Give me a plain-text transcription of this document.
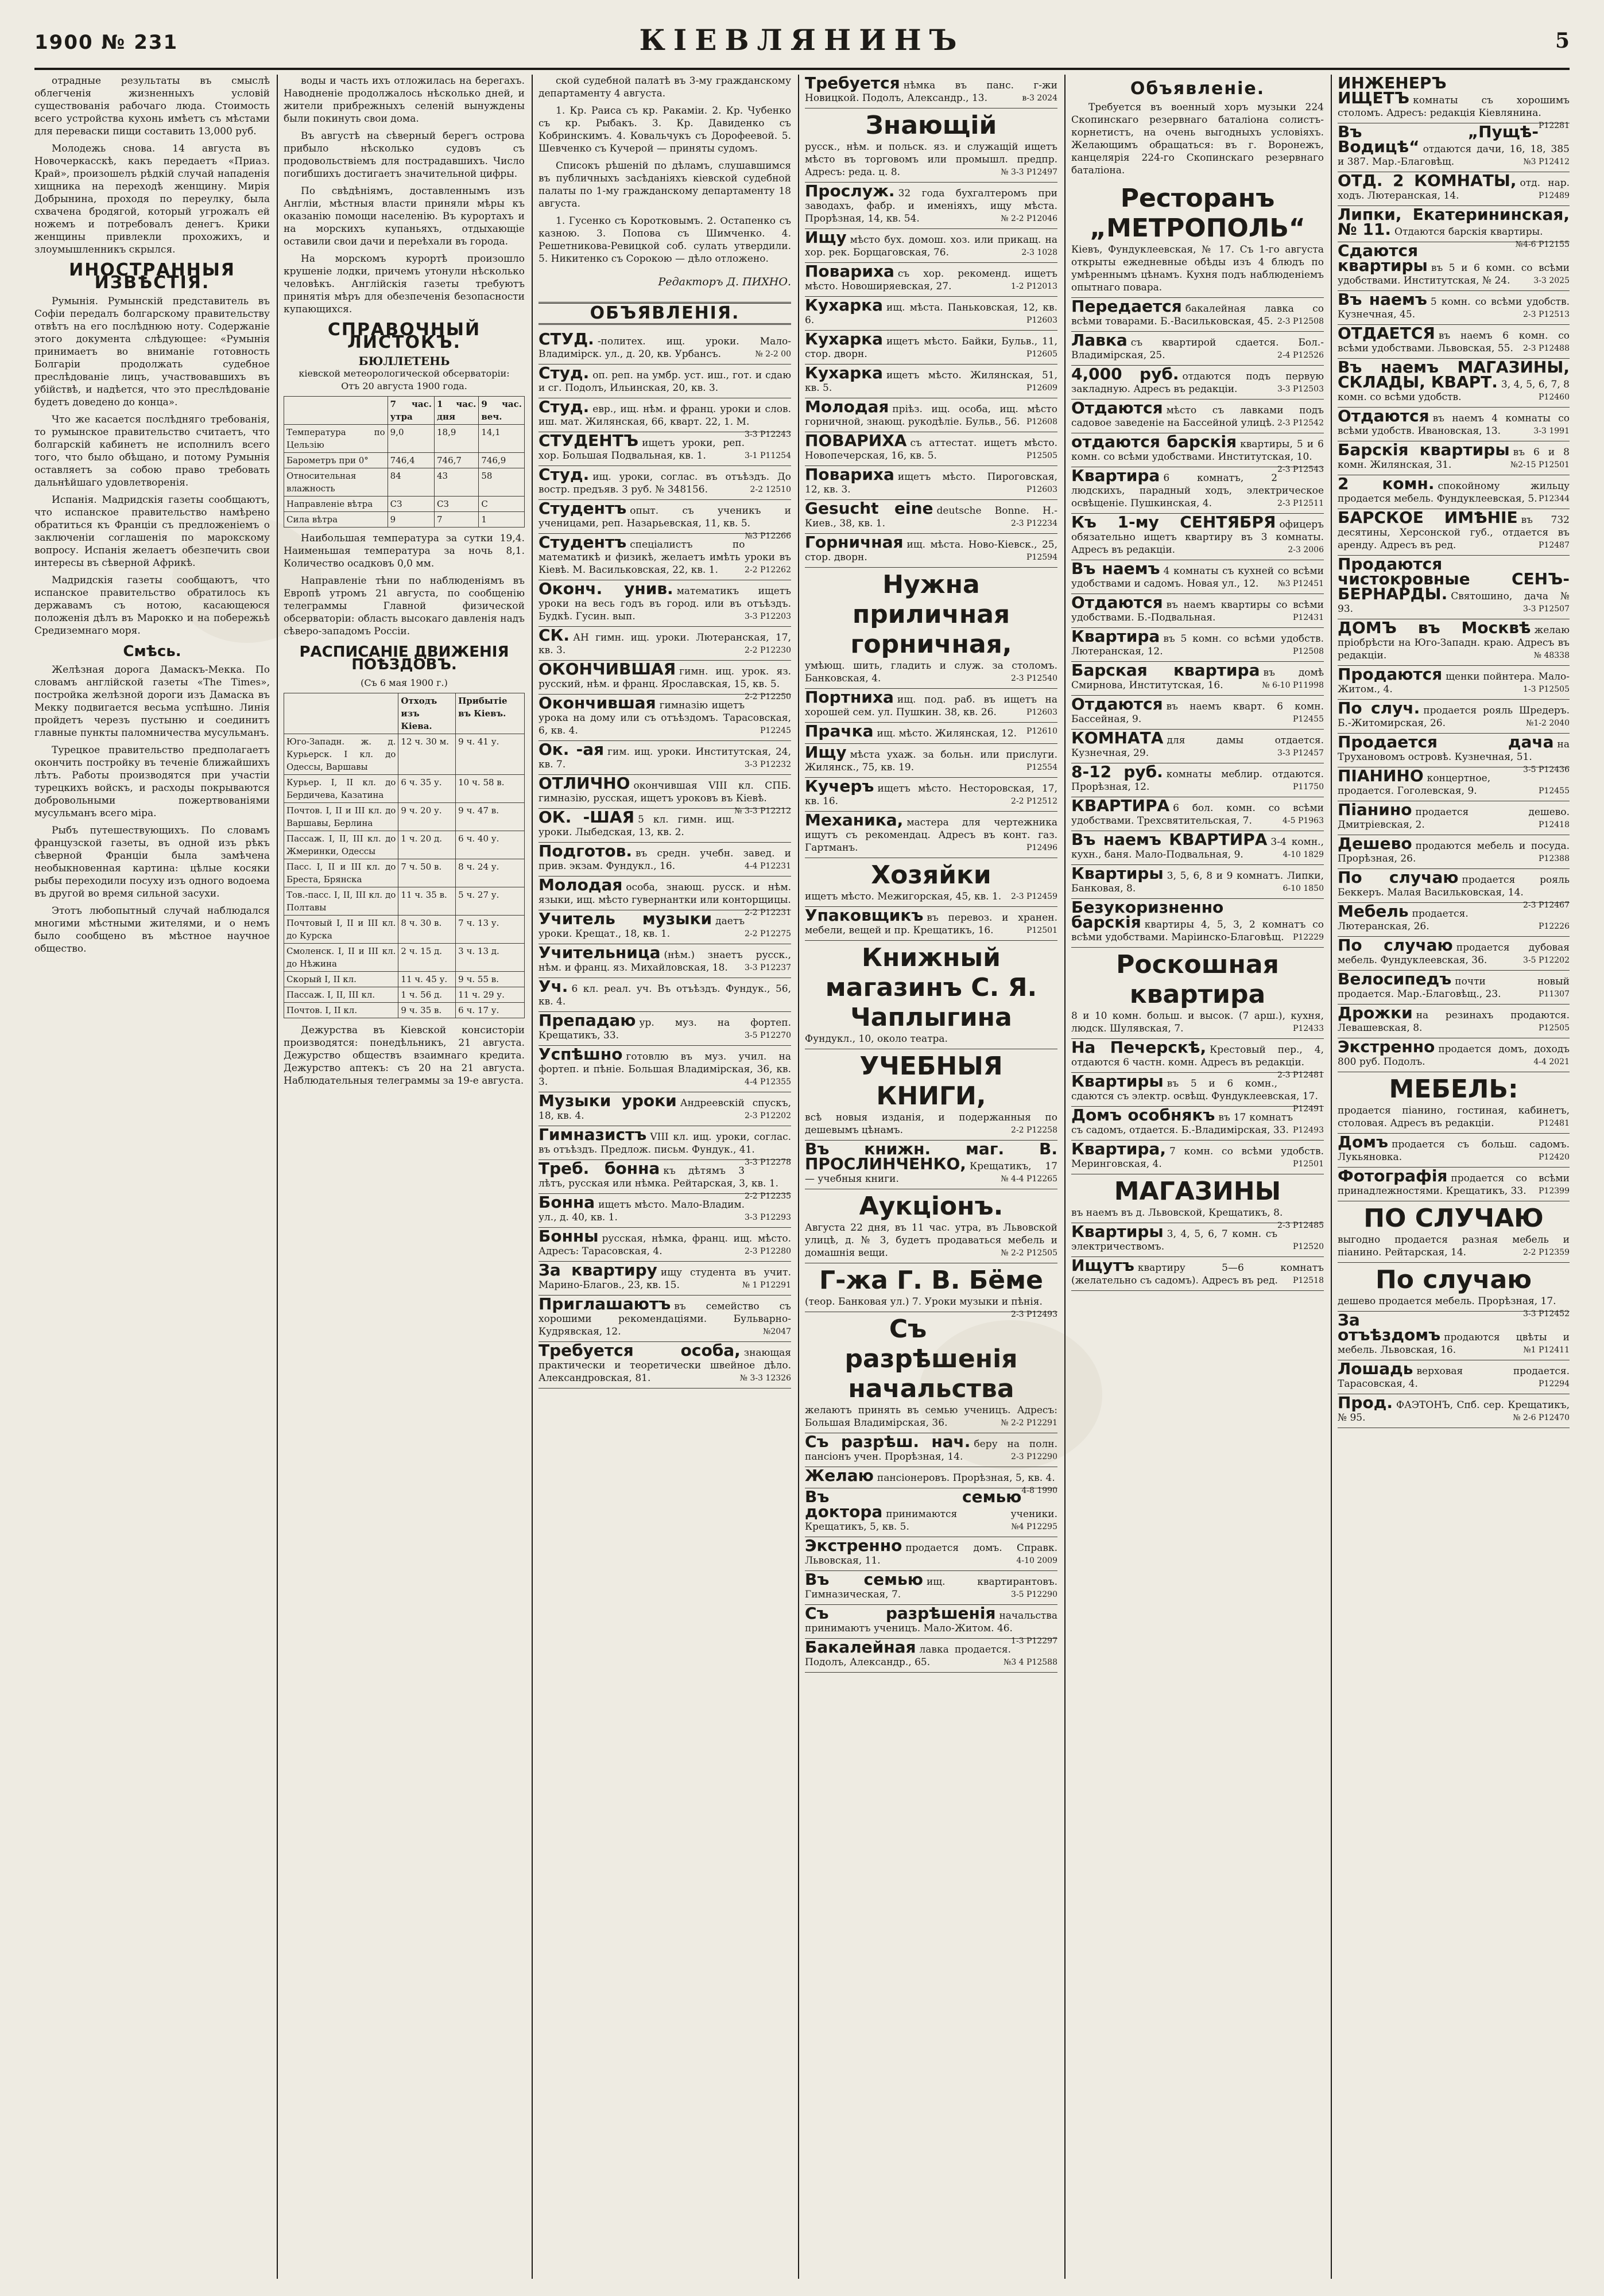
1900 № 231	КІЕВЛЯНИНЪ	5

отрадные результаты въ смыслѣ облегченія жизненныхъ условій существованія рабочаго люда. Стоимость всего устройства кухонь имѣетъ съ мѣстами для переваски пищи составить 13,000 руб.

Молодежь снова. 14 августа въ Новочеркасскѣ, какъ передаетъ «Приаз. Край», произошелъ рѣдкій случай нападенія хищника на переходѣ женщину. Мирія Добрынина, проходя по переулку, была схвачена бродягой, который угрожалъ ей ножемъ и потребовалъ денегъ. Крики женщины привлекли прохожихъ, и злоумышленникъ скрылся.

ИНОСТРАННЫЯ ИЗВѢСТІЯ.

Румынія. Румынскій представитель въ Софіи передалъ болгарскому правительству отвѣтъ на его послѣднюю ноту. Содержаніе этого документа слѣдующее: «Румынія принимаетъ во вниманіе готовность Болгаріи продолжать судебное преслѣдованіе лицъ, участвовавшихъ въ убійствѣ, и надѣется, что это преслѣдованіе будетъ доведено до конца».

Что же касается послѣдняго требованія, то румынское правительство считаетъ, что болгарскій кабинетъ не исполнилъ всего того, что было обѣщано, и потому Румынія оставляетъ за собою право требовать дальнѣйшаго удовлетворенія.

Испанія. Мадридскія газеты сообщаютъ, что испанское правительство намѣрено обратиться къ Франціи съ предложеніемъ о заключеніи соглашенія по марокскому вопросу. Испанія желаетъ обезпечить свои интересы въ сѣверной Африкѣ.

Мадридскія газеты сообщаютъ, что испанское правительство обратилось къ державамъ съ нотою, касающеюся положенія дѣлъ въ Марокко и на побережьѣ Средиземнаго моря.

Смѣсь.

Желѣзная дорога Дамаскъ-Мекка. По словамъ англійской газеты «The Times», постройка желѣзной дороги изъ Дамаска въ Мекку подвигается весьма успѣшно. Линія пройдетъ черезъ пустыню и соединитъ главные пункты паломничества мусульманъ.

Турецкое правительство предполагаетъ окончить постройку въ теченіе ближайшихъ лѣтъ. Работы производятся при участіи турецкихъ войскъ, и расходы покрываются добровольными пожертвованіями мусульманъ всего міра.

Рыбъ путешествующихъ. По словамъ французской газеты, въ одной изъ рѣкъ сѣверной Франціи была замѣчена необыкновенная картина: цѣлые косяки рыбы переходили посуху изъ одного водоема въ другой во время сильной засухи.

Этотъ любопытный случай наблюдался многими мѣстными жителями, и о немъ было сообщено въ мѣстное научное общество.

воды и часть ихъ отложилась на берегахъ. Наводненіе продолжалось нѣсколько дней, и жители прибрежныхъ селеній вынуждены были покинуть свои дома.

Въ августѣ на сѣверный берегъ острова прибыло нѣсколько судовъ съ продовольствіемъ для пострадавшихъ. Число погибшихъ достигаетъ значительной цифры.

По свѣдѣніямъ, доставленнымъ изъ Англіи, мѣстныя власти приняли мѣры къ оказанію помощи населенію. Въ курортахъ и на морскихъ купаньяхъ, отдыхающіе оставили свои дачи и переѣхали въ города.

На морскомъ курортѣ произошло крушеніе лодки, причемъ утонули нѣсколько человѣкъ. Англійскія газеты требуютъ принятія мѣръ для обезпеченія безопасности купающихся.

СПРАВОЧНЫЙ ЛИСТОКЪ.
БЮЛЛЕТЕНЬ
кіевской метеорологической обсерваторіи:
Отъ 20 августа 1900 года.
	7 час. утра	1 час. дня	9 час. веч.
Температура по Цельзію	9,0	18,9	14,1
Барометръ при 0°	746,4	746,7	746,9
Относительная влажность	84	43	58
Направленіе вѣтра	СЗ	СЗ	С
Сила вѣтра	9	7	1

Наибольшая температура за сутки 19,4. Наименьшая температура за ночь 8,1. Количество осадковъ 0,0 мм.

Направленіе тѣни по наблюденіямъ въ Европѣ утромъ 21 августа, по сообщенію телеграммы Главной физической обсерваторіи: область высокаго давленія надъ сѣверо-западомъ Россіи.

РАСПИСАНІЕ ДВИЖЕНІЯ ПОѢЗДОВЪ.
(Съ 6 мая 1900 г.)
	Отходъ изъ Кіева.	Прибытіе въ Кіевъ.
Юго-Западн. ж. д. Курьерск. I кл. до Одессы, Варшавы	12 ч. 30 м.	9 ч. 41 у.
Курьер. I, II кл. до Бердичева, Казатина	6 ч. 35 у.	10 ч. 58 в.
Почтов. I, II и III кл. до Варшавы, Берлина	9 ч. 20 у.	9 ч. 47 в.
Пассаж. I, II, III кл. до Жмеринки, Одессы	1 ч. 20 д.	6 ч. 40 у.
Пасс. I, II и III кл. до Бреста, Брянска	7 ч. 50 в.	8 ч. 24 у.
Тов.-пасс. I, II, III кл. до Полтавы	11 ч. 35 в.	5 ч. 27 у.
Почтовый I, II и III кл. до Курска	8 ч. 30 в.	7 ч. 13 у.
Смоленск. I, II и III кл. до Нѣжина	2 ч. 15 д.	3 ч. 13 д.
Скорый I, II кл.	11 ч. 45 у.	9 ч. 55 в.
Пассаж. I, II, III кл.	1 ч. 56 д.	11 ч. 29 у.
Почтов. I, II кл.	9 ч. 35 в.	6 ч. 17 у.

Дежурства въ Кіевской консисторіи производятся: понедѣльникъ, 21 августа. Дежурство обществъ взаимнаго кредита. Дежурство аптекъ: съ 20 на 21 августа. Наблюдательныя телеграммы за 19-е августа.

ской судебной палатѣ въ 3-му гражданскому департаменту 4 августа.

1. Кр. Раиса съ кр. Ракаміи. 2. Кр. Чубенко съ кр. Рыбакъ. 3. Кр. Давиденко съ Кобринскимъ. 4. Ковальчукъ съ Дорофеевой. 5. Шевченко съ Кучерой — приняты судомъ.

Списокъ рѣшеній по дѣламъ, слушавшимся въ публичныхъ засѣданіяхъ кіевской судебной палаты по 1-му гражданскому департаменту 18 августа.

1. Гусенко съ Коротковымъ. 2. Остапенко съ казною. 3. Попова съ Шимченко. 4. Решетникова-Ревицкой соб. сулать утвердили. 5. Никитенко съ Сорокою — дѣло отложено.

Редакторъ Д. ПИХНО.
ОБЪЯВЛЕНІЯ.
СТУД. -политех. ищ. уроки. Мало-Владимірск. ул., д. 20, кв. Урбансъ.	№ 2-2 00
Студ. оп. реп. на умбр. уст. иш., гот. и сдаю и сг. Подолъ, Ильинская, 20, кв. 3.
Студ. евр., ищ. нѣм. и франц. уроки и слов. иш. мат. Жилянская, 66, кварт. 22, 1. М.
3-3 Р12243
СТУДЕНТЪ ищетъ уроки, реп. хор. Большая Подвальная, кв. 1.	3-1 Р11254
Студ. ищ. уроки, соглас. въ отъѣздъ. До востр. предъяв. 3 руб. № 348156.	2-2 12510
Студентъ опыт. съ ученикъ и ученицами, реп. Назарьевская, 11, кв. 5.
№3 Р12266
Студентъ спеціалистъ по математикѣ и физикѣ, желаетъ имѣть уроки въ Кіевѣ. М. Васильковская, 22, кв. 1.	2-2 Р12262
Оконч. унив. математикъ ищетъ уроки на весь годъ въ город. или въ отъѣздъ. Будкѣ. Гусин. вып.	3-3 Р12203
СК. АН гимн. ищ. уроки. Лютеранская, 17, кв. 3.	2-2 Р12230
ОКОНЧИВШАЯ гимн. ищ. урок. яз. русский, нѣм. и франц. Ярославская, 15, кв. 5.
2-2 Р12250
Окончившая гимназію ищетъ урока на дому или съ отъѣздомъ. Тарасовская, 6, кв. 4.	Р12245
Ок. -ая гим. ищ. уроки. Институтская, 24, кв. 7.	3-3 Р12232
ОТЛИЧНО окончившая VIII кл. СПБ. гимназію, русская, ищетъ уроковъ въ Кіевѣ.
№ 3-3 Р12212
ОК. -ШАЯ 5 кл. гимн. ищ. уроки. Лыбедская, 13, кв. 2.
Подготов. въ средн. учебн. завед. и прив. экзам. Фундукл., 16.	4-4 Р12231
Молодая особа, знающ. русск. и нѣм. языки, ищ. мѣсто гувернантки или конторщицы.
2-2 Р12231
Учитель музыки даетъ уроки. Крещат., 18, кв. 1.	2-2 Р12275
Учительница (нѣм.) знаетъ русск., нѣм. и франц. яз. Михайловская, 18. 3-3 Р12237
Уч. 6 кл. реал. уч. Въ отъѣздъ. Фундук., 56, кв. 4.
Препадаю ур. муз. на фортеп. Крещатикъ, 33.	3-5 Р12270
Успѣшно готовлю въ муз. учил. на фортеп. и пѣніе. Большая Владимірская, 36, кв. 3.	4-4 Р12355
Музыки уроки Андреевскій спускъ, 18, кв. 4.	2-3 Р12202
Гимназистъ VIII кл. ищ. уроки, соглас. въ отъѣздъ. Предлож. письм. Фундук., 41.
3-3 Р12278
Треб. бонна къ дѣтямъ 3 лѣтъ, русская или нѣмка. Рейтарская, 3, кв. 1.
2-2 Р12235
Бонна ищетъ мѣсто. Мало-Владим. ул., д. 40, кв. 1.	3-3 Р12293
Бонны русская, нѣмка, франц. ищ. мѣсто. Адресъ: Тарасовская, 4.	2-3 Р12280
За квартиру ищу студента въ учит. Марино-Благов., 23, кв. 15.	№ 1 Р12291
Приглашаютъ въ семейство съ хорошими рекомендаціями. Бульварно-Кудрявская, 12.	№2047
Требуется особа, знающая практически и теоретически швейное дѣло. Александровская, 81.	№ 3-3 12326
Требуется нѣмка въ панс. г-жи Новицкой. Подолъ, Александр., 13.	в-3 2024
Знающій
русск., нѣм. и польск. яз. и служащій ищетъ мѣсто въ торговомъ или промышл. предпр. Адресъ: реда. ц. 8.	№ 3-3 Р12497
Прослуж. 32 года бухгалтеромъ при заводахъ, фабр. и именіяхъ, ищу мѣста. Прорѣзная, 14, кв. 54.	№ 2-2 Р12046
Ищу мѣсто бух. домош. хоз. или прикащ. на хор. рек. Борщаговская, 76.	2-3 1028
Повариха съ хор. рекоменд. ищетъ мѣсто. Новоширяевская, 27.	1-2 Р12013
Кухарка ищ. мѣста. Паньковская, 12, кв. 6.	Р12603
Кухарка ищетъ мѣсто. Байки, Бульв., 11, стор. дворн.	Р12605
Кухарка ищетъ мѣсто. Жилянская, 51, кв. 5.	Р12609
Молодая пріѣз. ищ. особа, ищ. мѣсто горничной, знающ. рукодѣліе. Бульв., 56. Р12608
ПОВАРИХА съ аттестат. ищетъ мѣсто. Новопечерская, 16, кв. 5.	Р12505
Повариха ищетъ мѣсто. Пироговская, 12, кв. 3.	Р12603
Gesucht eine deutsche Bonne. Н.-Киев., 38, кв. 1.	2-3 Р12234
Горничная ищ. мѣста. Ново-Кiевск., 25, стор. дворн.	Р12594
Нужна приличная горничная,
умѣющ. шить, гладить и служ. за столомъ. Банковская, 4.	2-3 Р12540
Портниха ищ. под. раб. въ ищетъ на хорошей сем. ул. Пушкин. 38, кв. 26.	Р12603
Прачка ищ. мѣсто. Жилянская, 12. Р12610
Ищу мѣста ухаж. за больн. или прислуги. Жилянск., 75, кв. 19.	Р12554
Кучеръ ищетъ мѣсто. Несторовская, 17, кв. 16.	2-2 Р12512
Механика, мастера для чертежника ищутъ съ рекомендац. Адресъ въ конт. газ. Гартманъ.	Р12496
Хозяйки
ищетъ мѣсто. Межигорская, 45, кв. 1. 2-3 Р12459
Упаковщикъ въ перевоз. и хранен. мебели, вещей и пр. Крещатикъ, 16.	Р12501
Книжный магазинъ С. Я. Чаплыгина
Фундукл., 10, около театра.
УЧЕБНЫЯ КНИГИ,
всѣ новыя изданія, и подержанныя по дешевымъ цѣнамъ.	2-2 Р12258
Въ книжн. маг. В. ПРОСЛИНЧЕНКО, Крещатикъ, 17 — учебныя книги.	№ 4-4 Р12265
Аукціонъ.
Августа 22 дня, въ 11 час. утра, въ Львовской улицѣ, д. № 3, будетъ продаваться мебель и домашнія вещи.	№ 2-2 Р12505
Г-жа Г. В. Бёме
(теор. Банковая ул.) 7. Уроки музыки и пѣнія.
2-3 Р12493
Съ разрѣшенія начальства
желаютъ принять въ семью ученицъ. Адресъ: Большая Владимірская, 36.	№ 2-2 Р12291
Съ разрѣш. нач. беру на полн. пансіонъ учен. Прорѣзная, 14.	2-3 Р12290
Желаю пансіонеровъ. Прорѣзная, 5, кв. 4.
4-8 1990
Въ семью доктора принимаются ученики. Крещатикъ, 5, кв. 5.	№4 Р12295
Экстренно продается домъ. Справк. Львовская, 11.	4-10 2009
Въ семью ищ. квартирантовъ. Гимназическая, 7.	3-5 Р12290
Съ разрѣшенія начальства принимаютъ ученицъ. Мало-Житом. 46.
1-3 Р12297
Бакалейная лавка продается. Подолъ, Александр., 65.	№3 4 Р12588
Объявленіе.

Требуется въ военный хоръ музыки 224 Скопинскаго резервнаго баталіона солистъ-корнетистъ, на очень выгодныхъ условіяхъ. Желающимъ обращаться: въ г. Воронежъ, канцелярія 224-го Скопинскаго резервнаго баталіона.

Ресторанъ „МЕТРОПОЛЬ“
Кіевъ, Фундуклеевская, № 17. Съ 1-го августа открыты ежедневные обѣды изъ 4 блюдъ по умѣреннымъ цѣнамъ. Кухня подъ наблюденіемъ опытнаго повара.
Передается бакалейная лавка со всѣми товарами. Б.-Васильковская, 45. 2-3 Р12508
Лавка съ квартирой сдается. Бол.-Владимірская, 25.	2-4 Р12526
4,000 руб. отдаются подъ первую закладную. Адресъ въ редакціи.	3-3 Р12503
Отдаются мѣсто съ лавками подъ садовое заведеніе на Бассейной улицѣ. 2-3 Р12542
отдаются барскія квартиры, 5 и 6 комн. со всѣми удобствами. Институтская, 10.
2-3 Р12543
Квартира 6 комнатъ, 2 людскихъ, парадный ходъ, электрическое освѣщеніе. Пушкинская, 4.	2-3 Р12511
Къ 1-му СЕНТЯБРЯ офицеръ обязательно ищетъ квартиру въ 3 комнаты. Адресъ въ редакціи.	2-3 2006
Въ наемъ 4 комнаты съ кухней со всѣми удобствами и садомъ. Новая ул., 12. №3 Р12451
Отдаются въ наемъ квартиры со всѣми удобствами. Б.-Подвальная.	Р12431
Квартира въ 5 комн. со всѣми удобств. Лютеранская, 12.	Р12508
Барская квартира въ домѣ Смирнова, Институтская, 16.	№ 6-10 Р11998
Отдаются въ наемъ кварт. 6 комн. Бассейная, 9.	Р12455
КОМНАТА для дамы отдается. Кузнечная, 29.	3-3 Р12457
8-12 руб. комнаты меблир. отдаются. Прорѣзная, 12.	Р11750
КВАРТИРА 6 бол. комн. со всѣми удобствами. Трехсвятительская, 7.	4-5 Р1963
Въ наемъ КВАРТИРА 3-4 комн., кухн., баня. Мало-Подвальная, 9.	4-10 1829
Квартиры 3, 5, 6, 8 и 9 комнатъ. Липки, Банковая, 8.	6-10 1850
Безукоризненно барскія квартиры 4, 5, 3, 2 комнатъ со всѣми удобствами. Маріинско-Благовѣщ. Р12229
Роскошная квартира
8 и 10 комн. больш. и высок. (7 арш.), кухня, людск. Шулявская, 7.	Р12433
На Печерскѣ, Крестовый пер., 4, отдаются 6 частн. комн. Адресъ въ редакціи.
2-3 Р12481
Квартиры въ 5 и 6 комн., сдаются съ электр. освѣщ. Фундуклеевская, 17.
Р12491
Домъ особнякъ въ 17 комнатъ съ садомъ, отдается. Б.-Владимірская, 33. Р12493
Квартира, 7 комн. со всѣми удобств. Меринговская, 4.	Р12501
МАГАЗИНЫ
въ наемъ въ д. Львовской, Крещатикъ, 8.
2-3 Р12485
Квартиры 3, 4, 5, 6, 7 комн. съ электричествомъ.	Р12520
Ищутъ квартиру 5—6 комнатъ (желательно съ садомъ). Адресъ въ ред. Р12518
ИНЖЕНЕРЪ ИЩЕТЪ комнаты съ хорошимъ столомъ. Адресъ: редакція Кіевлянина.
Р12281
Въ „Пущѣ-Водицѣ“ отдаются дачи, 16, 18, 385 и 387. Мар.-Благовѣщ.	№3 Р12412
ОТД. 2 КОМНАТЫ, отд. нар. ходъ. Лютеранская, 14.	Р12489
Липки, Екатерининская, № 11. Отдаются барскія квартиры.
№4-6 Р12155
Сдаются квартиры въ 5 и 6 комн. со всѣми удобствами. Институтская, № 24.	3-3 2025
Въ наемъ 5 комн. со всѣми удобств. Кузнечная, 45.	2-3 Р12513
ОТДАЕТСЯ въ наемъ 6 комн. со всѣми удобствами. Львовская, 55. 2-3 Р12488
Въ наемъ МАГАЗИНЫ, СКЛАДЫ, КВАРТ. 3, 4, 5, 6, 7, 8 комн. со всѣми удобств.	Р12460
Отдаются въ наемъ 4 комнаты со всѣми удобств. Ивановская, 13.	3-3 1991
Барскія квартиры въ 6 и 8 комн. Жилянская, 31.	№2-15 Р12501
2 комн. спокойному жильцу продается мебель. Фундуклеевская, 5. Р12344
БАРСКОЕ ИМѢНІЕ въ 732 десятины, Херсонской губ., отдается въ аренду. Адресъ въ ред.	Р12487
Продаются чистокровные СЕНЪ-БЕРНАРДЫ. Святошино, дача № 93.	3-3 Р12507
ДОМЪ въ Москвѣ желаю пріобрѣсти на Юго-Западн. краю. Адресъ въ редакціи.	№ 48338
Продаются щенки пойнтера. Мало-Житом., 4.	1-3 Р12505
По случ. продается рояль Шредеръ. Б.-Житомирская, 26.	№1-2 2040
Продается дача на Трухановомъ островѣ. Кузнечная, 51.
3-5 Р12436
ПІАНИНО концертное, продается. Гоголевская, 9.	Р12455
Піанино продается дешево. Дмитріевская, 2.	Р12418
Дешево продаются мебель и посуда. Прорѣзная, 26.	Р12388
По случаю продается рояль Беккеръ. Малая Васильковская, 14.
2-3 Р12467
Мебель продается. Лютеранская, 26.	Р12226
По случаю продается дубовая мебель. Фундуклеевская, 36.	3-5 Р12202
Велосипедъ почти новый продается. Мар.-Благовѣщ., 23.	Р11307
Дрожки на резинахъ продаются. Левашевская, 8.	Р12505
Экстренно продается домъ, доходъ 800 руб. Подолъ.	4-4 2021
МЕБЕЛЬ:
продается піанино, гостиная, кабинетъ, столовая. Адресъ въ редакціи.	Р12481
Домъ продается съ больш. садомъ. Лукьяновка.	Р12420
Фотографія продается со всѣми принадлежностями. Крещатикъ, 33. Р12399
ПО СЛУЧАЮ
выгодно продается разная мебель и піанино. Рейтарская, 14.	2-2 Р12359
По случаю
дешево продается мебель. Прорѣзная, 17.
3-3 Р12452
За отъѣздомъ продаются цвѣты и мебель. Львовская, 16.	№1 Р12411
Лошадь верховая продается. Тарасовская, 4.	Р12294
Прод. ФАЭТОНЪ, Спб. сер. Крещатикъ, № 95.	№ 2-6 Р12470
